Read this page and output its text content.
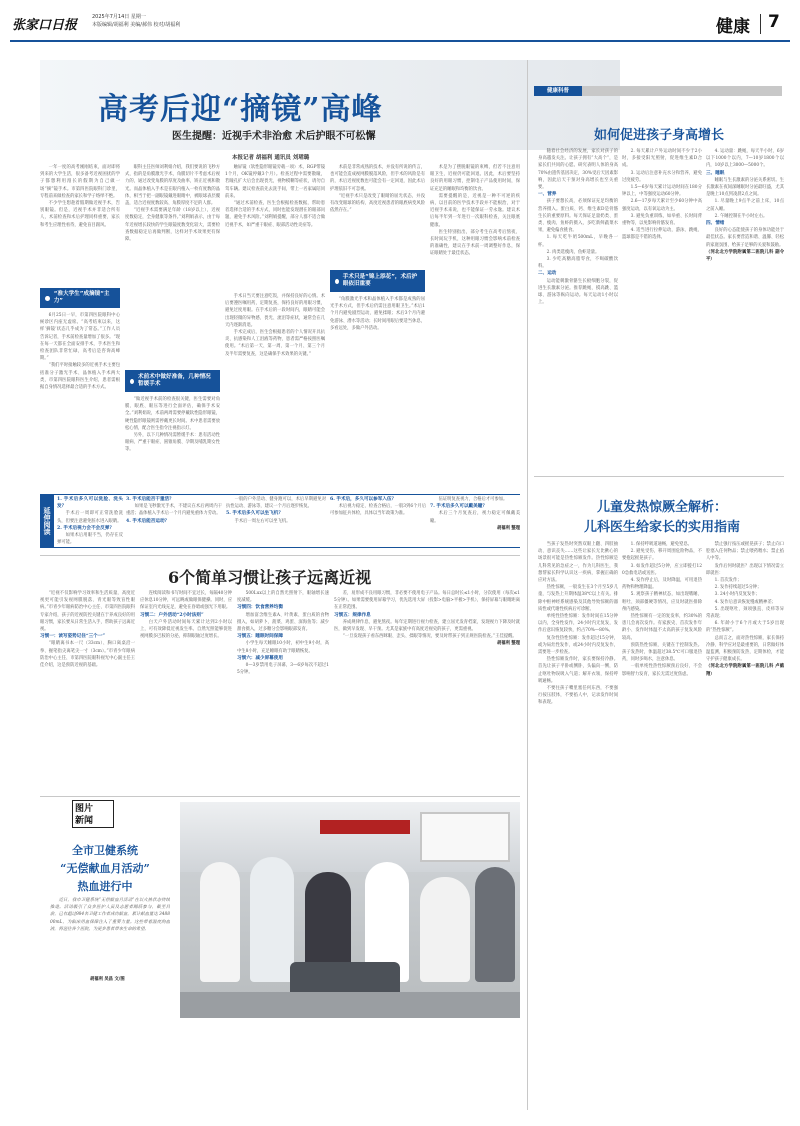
张家口日报
2025年7月14日 星期一
本版编辑/胡福利 美编/郝伟 校对/胡福利	健康 7
高考后迎“摘镜”高峰
医生提醒：近视手术非治愈 术后护眼不可松懈
本报记者 胡福利 通讯员 刘珺璐

一年一度的高考刚刚结束，面对即将到来的大学生活，很多备考近视困扰的学子都想利用漫长的假期为自己做一场“摘”镜手术。市第四医院眼科门诊里，专程前来做检查的家长和学子络绎不绝。

不少学生想趁着假期做近视手术，告别眼镜。但是，近视手术并非适合所有人，术前检查和术后护理同样重要，家长和考生应理性看待，避免盲目跟风。

“准大学生”成摘镜“主力”

6月25日一早，市第四医院眼科中心候诊区内座无虚席。“高考结束以来，这样‘摘镜’状态几乎成为了常态。”工作人员告诉记者，手术前检查量增加了很多。“现在每一天都在全面安排手术，手术医生和检查团队非常忙碌，高考后是咨询高峰期。”

“我们平时接触较多的近视手术主要包括准分子激光手术、晶体植入手术两大类，市第四医院眼科医生介绍，患者需根据自身情况选择最合适的手术方式。

眼科主任医师刘利娟介绍，我们要说的飞秒方式，指的是角膜激光手术，角膜切片不考虑术后视力的，通过改变角膜的厚度及曲率，矫正近视和散光。而晶体植入手术是在眼内植入一枚有度数的晶体，相当于把一副眼镜戴进眼睛中，被眼球表层覆盖，适合近视度数较高、角膜厚度不足的人群。

“近视手术需要满足年龄（18岁以上），近视度数稳定，全身健康等条件。”刘利娟表示，由于每年近视增长较快的学生眼镜度数变化较大，需要检查数据稳定后再做判断，这样对手术效果更有保障。

术前术中做好准备，几种情况暂缓手术

“做近视手术前的检查很关键，医生需要对角膜、眼底、眼压等进行全面评估，确保手术安全。”刘利娟说，术前两周需要停戴软性隐形眼镜，硬性隐形眼镜则需停戴更长时间。术中患者需要放松心情，配合医生指令注视指示灯。

另外，以下几种情况需暂缓手术：患有活动性眼病、严重干眼症、圆锥角膜、孕期及哺乳期女性等。

触屏镜（软性隐形眼镜旁载一项）术，RGP带镜1个月，OK镜停戴3个月）。检查过程中需要散瞳，若瞳孔扩大后会出现畏光，视物模糊等症状，请勿自驾车辆。建议检查前先去洗手间，带上一名家属陪同前来。

“通过术前检查，医生会根据检查数据，帮助患者选择合适的手术方式，同时也能发现潜在的眼部问题，避免手术风险。”刘利娟提醒，部分人群不适合做近视手术，如严重干眼症、眼部活动性炎症等。

手术日当天要注意吃饭，并保持良好的心情。术后要遵医嘱用药，定期复查，保持良好的用眼习惯，避免过度用眼。在手术后的一段时间内，眼睛可能会出现轻微的异物感、畏光、流泪等症状，通常会在几天内逐渐消退。

手术完成后，医生会根据患者的个人情况开具抗炎、抗感染和人工泪液等药物，患者需严格按照医嘱使用。“术后第一天、第一周、第一个月、第三个月及半年需要复查，这是确保手术效果的关键。”

术前是非常成熟的技术，并没有所说的传言，也可能会造成视网膜脱落风险，但手术的风险是有的，术后近视度数也可能会有一定回退，因此术后护理依旧不可忽视。

“近视手术只是改变了眼睛的屈光状态，并没有改变眼球的结构，高度近视患者的眼底病变风险依然存在。”

手术只是“锦上添花”，术后护眼依旧重要

“角膜激光手术和晶体植入手术都是成熟的屈光手术方式，但手术后仍需注意用眼卫生。”术后1个月内避免剧烈运动，避免揉眼；术后3个月内避免游泳、潜水等活动；长时间用眼后要适当休息，多看远处，多做户外活动。

术是为了摆脱眼镜的束缚，但若不注意用眼卫生，近视仍可能回退。因此，术后要坚持良好的用眼习惯，控制电子产品使用时间，保证充足的睡眠和均衡的饮食。

需要提醒的是，近视是一种不可逆的疾病，以目前的医学技术手段并不能根治，对于近视手术来说，也不能保证一劳永逸。建议术后每半年到一年进行一次眼科检查，关注眼底健康。

医生特别指出，部分考生在高考后熬夜、长时间玩手机，这种用眼习惯会影响术前检查的准确性，建议在手术前一周调整好作息，保证眼睛处于最佳状态。

延伸阅读

1. 手术后多久可以洗脸、洗头发？

手术后一周即可正常洗脸洗头，但要注意避免脏水进入眼睛。

2. 手术后视力会不会反弹？

如果术后用眼不当，仍存在反弹可能。

3. 手术后能否干重活？

如果是飞秒激光手术，不建议在术后两周内干重活；晶体植入手术后一个月内避免重体力劳动。

4. 手术后能否运动？

一般的户外活动、健身跑可以，术后早期避免对抗性运动、游泳等，建议一个月后逐步恢复。

5. 手术后多久可以坐飞机？

手术后一周左右可以坐飞机。

6. 手术后，多久可以参军入伍？

术后视力稳定、检查合格后，一般3到6个月后可参加征兵体检，具体以当年政策为准。

伍证明复查视力，合格后才可参加。

7. 手术后多久可以戴美瞳？

术后三个月复查后，视力稳定可佩戴美瞳。

胡福利 整理

6个简单习惯让孩子远离近视

“近视不仅影响学习效率和生活质量，高度近视更可能引发视网膜脱落、青光眼等致盲性眼病。”市青少年眼病防治中心主任、市第四医院眼科专家介绍，孩子的近视防控关键在于养成良好的用眼习惯，家长要从日常生活入手，帮助孩子远离近视。

习惯一：读写姿势记住“三个一”

“眼睛离书本一尺（33cm）、胸口离桌沿一拳、握笔指尖离笔尖一寸（3cm）。”市青少年眼病防治中心主任、市第四医院眼科视光中心副主任王佳介绍，这是预防近视的基础。

连续阅读和书写时间不宜过长，每隔40分钟应休息10分钟，可远眺或做眼保健操。同时，应保证室内光线充足，避免在昏暗或强光下用眼。

习惯二：户外活动“2小时法则”

白天户外活动时间每天累计达到2小时以上，可有效降低近视发生率。自然光照能够促进视网膜多巴胺的分泌，抑制眼轴过度增长。

500Lux以上的自然光照射下，眼轴增长速度减缓。

习惯四：饮食营养均衡

增加富含维生素A、叶黄素、蛋白质的食物摄入，如胡萝卜、菠菜、鸡蛋、深海鱼等；减少甜食摄入，过多糖分会影响眼部发育。

习惯五：睡眠时间保障

小学生每天睡眠10小时，初中生9小时，高中生8小时，充足睡眠有助于眼睛恢复。

习惯六：减少屏幕使用

0—3岁禁用电子屏幕，3—6岁每次不超过15分钟。

差，易形成不良用眼习惯，非必要不使用电子产品。每日总时长≤1小时，分次使用（每次≤15分钟）。如果需要使用屏幕学习，优先选用大屏（投影>电脑>平板>手机），保持屏幕与眼睛距离在正常范围。

习惯五：规律作息

养成规律作息，避免熬夜。每年定期进行视力检查，建立屈光发育档案，发现视力下降及时就医，做到早发现、早干预。尤其是家族中有高度近视史的孩子，更需重视。

“一旦发现孩子看东西眯眼、歪头、揉眼等情况，要及时带孩子到正规医院检查。”王佳提醒。

胡福利 整理

图片新闻
全市卫健系统
“无偿献血月活动”
热血进行中

近日，我市卫健系统“无偿献血月活动”在以火热状态持续推进。活动吸引了众多医护人员及志愿者踊跃参与，截至目前，已有超过984名卫健工作者成功献血，累计献血量达 348800mL，为临床用血保障注入了重要力量。这些带着温度的血液，将送往各个医院，为更多患者带来生命的希望。

胡福利 吴昌 文/图
健康科普
如何促进孩子身高增长

随着社会经济的发展，家长对孩子的身高越发关注。让孩子拥有“大高个”，是家长们共同的心愿。研究表明人体的身高70%由遗传基因决定，30%受后天因素影响，因此后天干预对身高增长也至关重要。

一、营养

孩子要想长高，必须保证充足均衡的营养摄入。蛋白质、钙、维生素D是骨骼生长的重要原料。每天保证足量奶类、蛋类、瘦肉、鱼虾的摄入，多吃新鲜蔬菜水果，避免偏食挑食。

1. 每天吃牛奶500mL，早晚各一杯。

2. 肉类选瘦肉，鱼虾适量。

3. 少吃高糖高脂零食，不喝碳酸饮料。

二、运动

运动能刺激骨骼生长板细胞分裂，促进生长激素分泌。推荐跳绳、摸高跳、篮球、游泳等纵向运动。每天运动1小时以上。

2. 每天累计户外运动时间不少于2小时，多接受阳光照射，促进维生素D合成。

3. 运动后注意补充水分和营养，避免过度疲劳。

1.5—6岁每天累计运动时间在180分钟以上，中等强度运动60分钟。

2.6—17岁每天累计至少60分钟中高强度运动，以有氧运动为主。

3. 避免负重训练，如举重、长时间背重物等，以免影响骨骼发育。

4. 适当进行拉伸运动，游泳、跳绳、篮球都是不错的选择。

4. 运动量：跳绳，每天半小时，6岁以下1000个以内，7—10岁1800个以内，10岁以上3000—5000个。

三、睡眠

睡眠与生长激素的分泌关系密切。生长激素在夜间深睡眠时分泌最旺盛，尤其是晚上10点到凌晨2点之间。

1. 尽量晚上9点半之前上床，10点之前入睡。

2. 午睡控制在半小时左右。

四、情绪

良好的心态能使孩子的身体功能处于最佳状态。家长要营造和谐、温馨、轻松的家庭氛围，给孩子足够的关爱和鼓励。

（河北北方学院附属第二医院儿科 副令平）

儿童发热惊厥全解析：
儿科医生给家长的实用指南

当孩子发热时突然双眼上翻、四肢抽动、意识丧失……这些让家长无比揪心的场景很可能是热性惊厥发作。热性惊厥是儿科常见的急症之一，作为儿科医生，我想帮家长科学认识这一疾病，掌握正确的应对方法。

热性惊厥，一般发生在3个月至5岁儿童，与发热上升期体温38℃以上有关。排除中枢神经系统感染及其他导致惊厥的器质性或代谢性疾病后可诊断。

单纯性热性惊厥：发作时间在15分钟以内，全身性发作，24小时内无复发，发作后意识恢复较快，约占70%—80%。

复杂性热性惊厥：发作超过15分钟，或为局灶性发作，或24小时内反复发作，需要进一步检查。

热性惊厥发作时，家长要保持冷静。首先让孩子平卧或侧卧，头偏向一侧，防止呕吐物误吸入气道；解开衣领，保持呼吸通畅。

不要往孩子嘴里塞任何东西，不要强行按压肢体，不要掐人中，记录发作时间和表现。

1. 保持呼吸道通畅，避免窒息。

2. 避免受伤，移开周围危险物品，不要抱起摇晃孩子。

3. 如发作超过5分钟，应立即拨打120急救电话或送医。

4. 发作停止后，及时降温，可用退热药物和物理降温。

5. 观察孩子精神状态，如出现嗜睡、呕吐、颈部僵硬等情况，应及时就医排除颅内感染。

热性惊厥有一定的复发率，约30%的患儿会再次发作。有家族史、首次发作年龄小、发作时体温不太高的孩子复发风险较高。

预防热性惊厥，关键在于控制发热。孩子发热时，体温超过38.5℃可口服退热药，同时多喝水，注意休息。

一般单纯性热性惊厥预后良好，不会影响智力发育，家长无需过度焦虑。

禁止强行按压或摇晃孩子；禁止向口腔塞入任何物品；禁止喂药喂水；禁止掐人中等。

发作后何时就医？出现以下情况需立即就医：

1. 首次发作；

2. 发作持续超过5分钟；

3. 24小时内反复发作；

4. 发作后意识恢复慢或精神差；

5. 出现呕吐、颈项强直、皮疹等异常表现；

6. 年龄小于6个月或大于5岁出现的“热性惊厥”。

总而言之，面对热性惊厥，家长保持冷静、科学应对是最重要的，日常做好体温监测，积极预防发热，定期体检，才能守护孩子健康成长。

（河北北方学院附属第一医院儿科 卢鹤翔）
